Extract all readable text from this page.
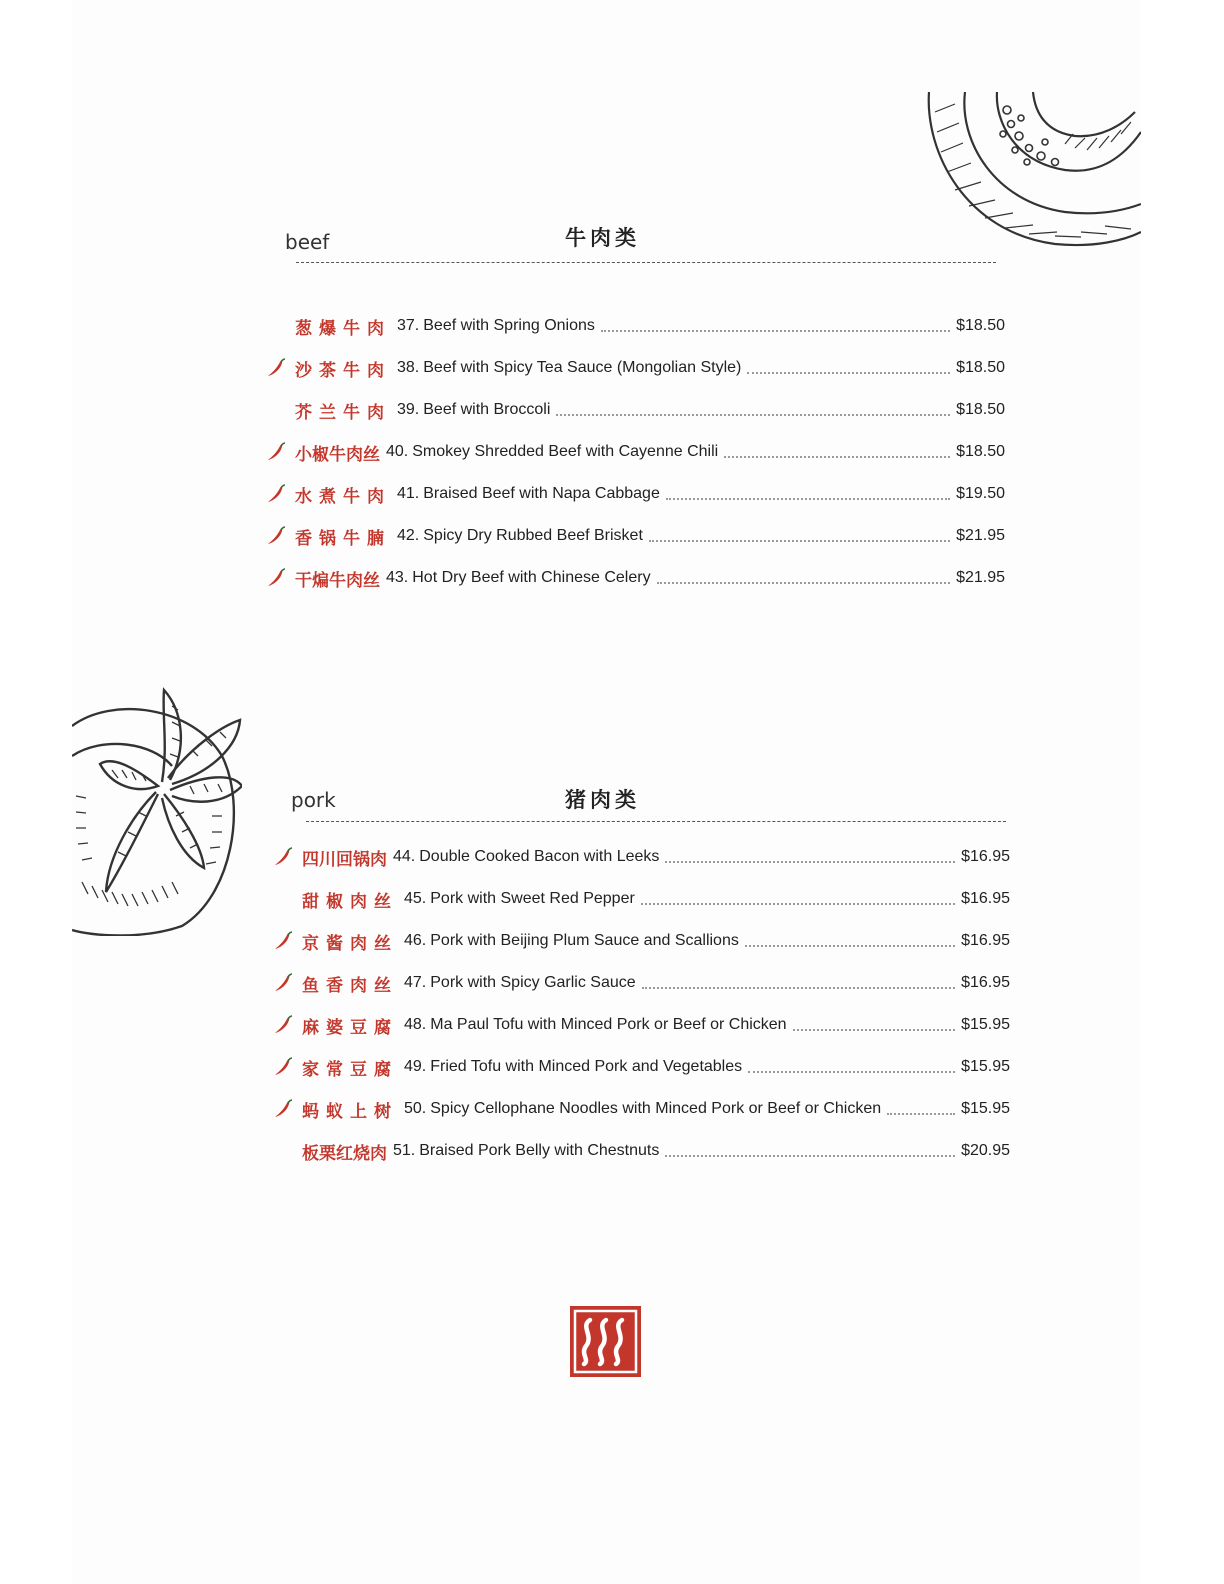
beef	牛肉类
葱爆牛肉 37. Beef with Spring Onions	$18.50
沙茶牛肉 38. Beef with Spicy Tea Sauce (Mongolian Style)	$18.50
芥兰牛肉 39. Beef with Broccoli	$18.50
小椒牛肉丝 40. Smokey Shredded Beef with Cayenne Chili	$18.50
水煮牛肉 41. Braised Beef with Napa Cabbage	$19.50
香锅牛腩 42. Spicy Dry Rubbed Beef Brisket	$21.95
干煸牛肉丝 43. Hot Dry Beef with Chinese Celery	$21.95
pork	猪肉类
四川回锅肉 44. Double Cooked Bacon with Leeks	$16.95
甜椒肉丝 45. Pork with Sweet Red Pepper	$16.95
京酱肉丝 46. Pork with Beijing Plum Sauce and Scallions	$16.95
鱼香肉丝 47. Pork with Spicy Garlic Sauce	$16.95
麻婆豆腐 48. Ma Paul Tofu with Minced Pork or Beef or Chicken	$15.95
家常豆腐 49. Fried Tofu with Minced Pork and Vegetables	$15.95
蚂蚁上树 50. Spicy Cellophane Noodles with Minced Pork or Beef or Chicken	$15.95
板栗红烧肉 51. Braised Pork Belly with Chestnuts	$20.95
